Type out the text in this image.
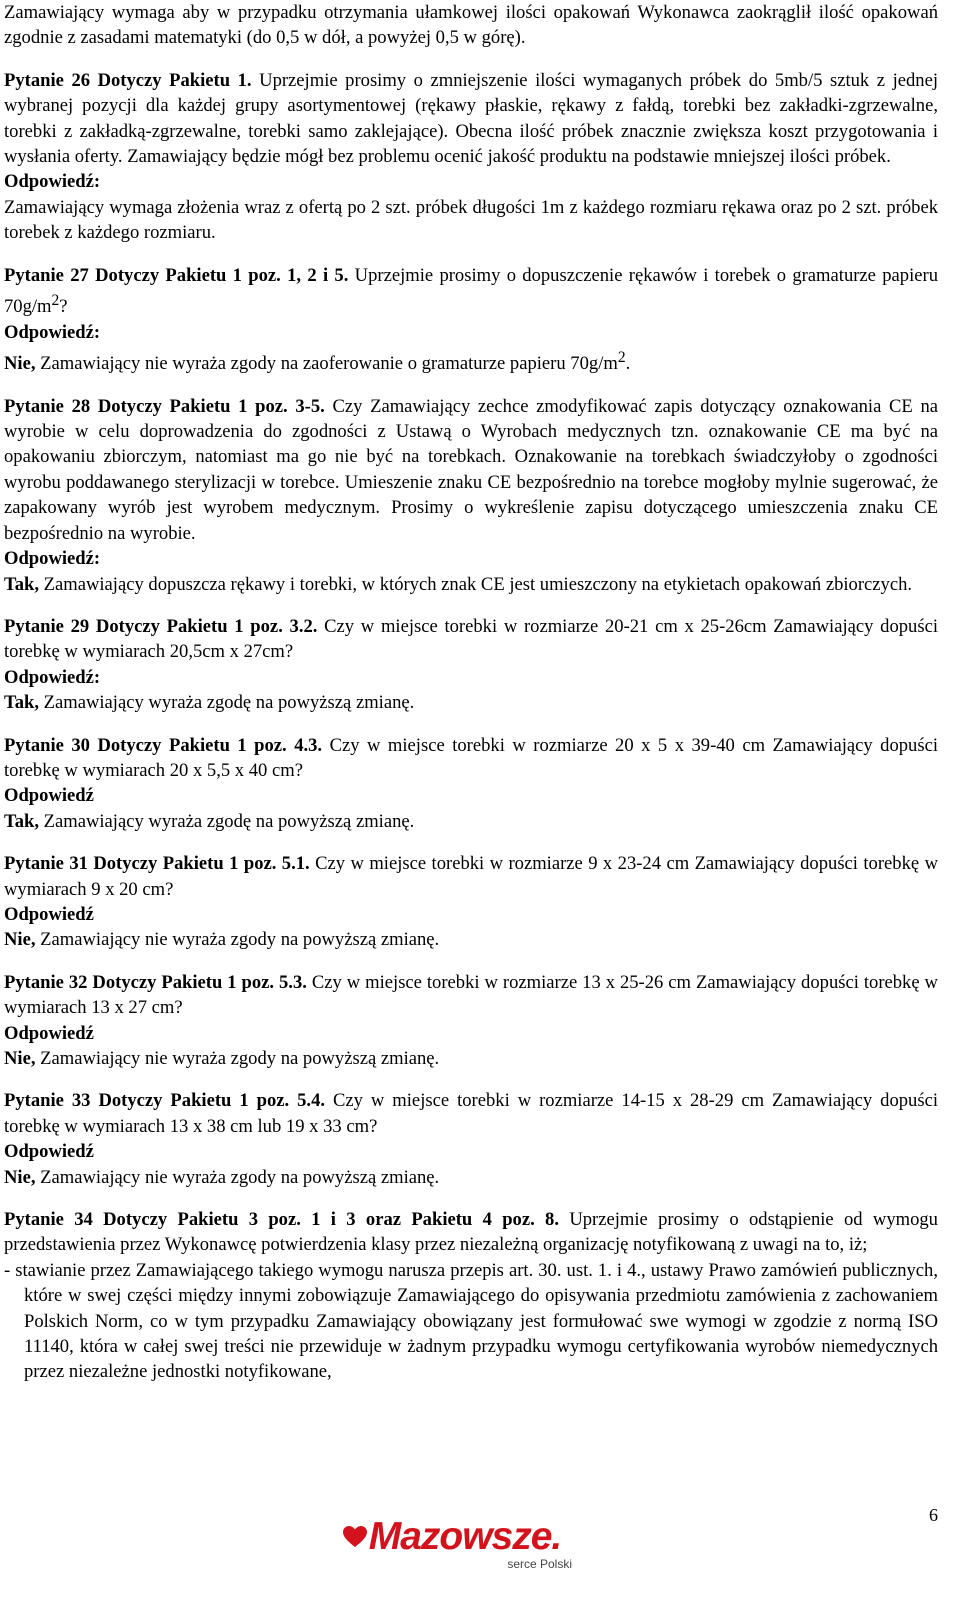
Zamawiający wymaga aby w przypadku otrzymania ułamkowej ilości opakowań Wykonawca zaokrąglił ilość opakowań zgodnie z zasadami matematyki (do 0,5 w dół, a powyżej 0,5 w górę).

Pytanie 26 Dotyczy Pakietu 1. Uprzejmie prosimy o zmniejszenie ilości wymaganych próbek do 5mb/5 sztuk z jednej wybranej pozycji dla każdej grupy asortymentowej (rękawy płaskie, rękawy z fałdą, torebki bez zakładki-zgrzewalne, torebki z zakładką-zgrzewalne, torebki samo zaklejające). Obecna ilość próbek znacznie zwiększa koszt przygotowania i wysłania oferty. Zamawiający będzie mógł bez problemu ocenić jakość produktu na podstawie mniejszej ilości próbek.

Odpowiedź:

Zamawiający wymaga złożenia wraz z ofertą po 2 szt. próbek długości 1m z każdego rozmiaru rękawa oraz po 2 szt. próbek torebek z każdego rozmiaru.

Pytanie 27 Dotyczy Pakietu 1 poz. 1, 2 i 5. Uprzejmie prosimy o dopuszczenie rękawów i torebek o gramaturze papieru $70g/m^2$?

Odpowiedź:

Nie, Zamawiający nie wyraża zgody na zaoferowanie o gramaturze papieru $70g/m^2$.

Pytanie 28 Dotyczy Pakietu 1 poz. 3-5. Czy Zamawiający zechce zmodyfikować zapis dotyczący oznakowania CE na wyrobie w celu doprowadzenia do zgodności z Ustawą o Wyrobach medycznych tzn. oznakowanie CE ma być na opakowaniu zbiorczym, natomiast ma go nie być na torebkach. Oznakowanie na torebkach świadczyłoby o zgodności wyrobu poddawanego sterylizacji w torebce. Umieszenie znaku CE bezpośrednio na torebce mogłoby mylnie sugerować, że zapakowany wyrób jest wyrobem medycznym. Prosimy o wykreślenie zapisu dotyczącego umieszczenia znaku CE bezpośrednio na wyrobie.

Odpowiedź:

Tak, Zamawiający dopuszcza rękawy i torebki, w których znak CE jest umieszczony na etykietach opakowań zbiorczych.

Pytanie 29 Dotyczy Pakietu 1 poz. 3.2. Czy w miejsce torebki w rozmiarze 20-21 cm x 25-26cm Zamawiający dopuści torebkę w wymiarach 20,5cm x 27cm?

Odpowiedź:

Tak, Zamawiający wyraża zgodę na powyższą zmianę.

Pytanie 30 Dotyczy Pakietu 1 poz. 4.3. Czy w miejsce torebki w rozmiarze 20 x 5 x 39-40 cm Zamawiający dopuści torebkę w wymiarach 20 x 5,5 x 40 cm?

Odpowiedź

Tak, Zamawiający wyraża zgodę na powyższą zmianę.

Pytanie 31 Dotyczy Pakietu 1 poz. 5.1. Czy w miejsce torebki w rozmiarze 9 x 23-24 cm Zamawiający dopuści torebkę w wymiarach 9 x 20 cm?

Odpowiedź

Nie, Zamawiający nie wyraża zgody na powyższą zmianę.

Pytanie 32 Dotyczy Pakietu 1 poz. 5.3. Czy w miejsce torebki w rozmiarze 13 x 25-26 cm Zamawiający dopuści torebkę w wymiarach 13 x 27 cm?

Odpowiedź

Nie, Zamawiający nie wyraża zgody na powyższą zmianę.

Pytanie 33 Dotyczy Pakietu 1 poz. 5.4. Czy w miejsce torebki w rozmiarze 14-15 x 28-29 cm Zamawiający dopuści torebkę w wymiarach 13 x 38 cm lub 19 x 33 cm?

Odpowiedź

Nie, Zamawiający nie wyraża zgody na powyższą zmianę.

Pytanie 34 Dotyczy Pakietu 3 poz. 1 i 3 oraz Pakietu 4 poz. 8. Uprzejmie prosimy o odstąpienie od wymogu przedstawienia przez Wykonawcę potwierdzenia klasy przez niezależną organizację notyfikowaną z uwagi na to, iż;

- stawianie przez Zamawiającego takiego wymogu narusza przepis art. 30. ust. 1. i 4., ustawy Prawo zamówień publicznych, które w swej części między innymi zobowiązuje Zamawiającego do opisywania przedmiotu zamówienia z zachowaniem Polskich Norm, co w tym przypadku Zamawiający obowiązany jest formułować swe wymogi w zgodzie z normą ISO 11140, która w całej swej treści nie przewiduje w żadnym przypadku wymogu certyfikowania wyrobów niemedycznych przez niezależne jednostki notyfikowane,
6
Mazowsze.
serce Polski
